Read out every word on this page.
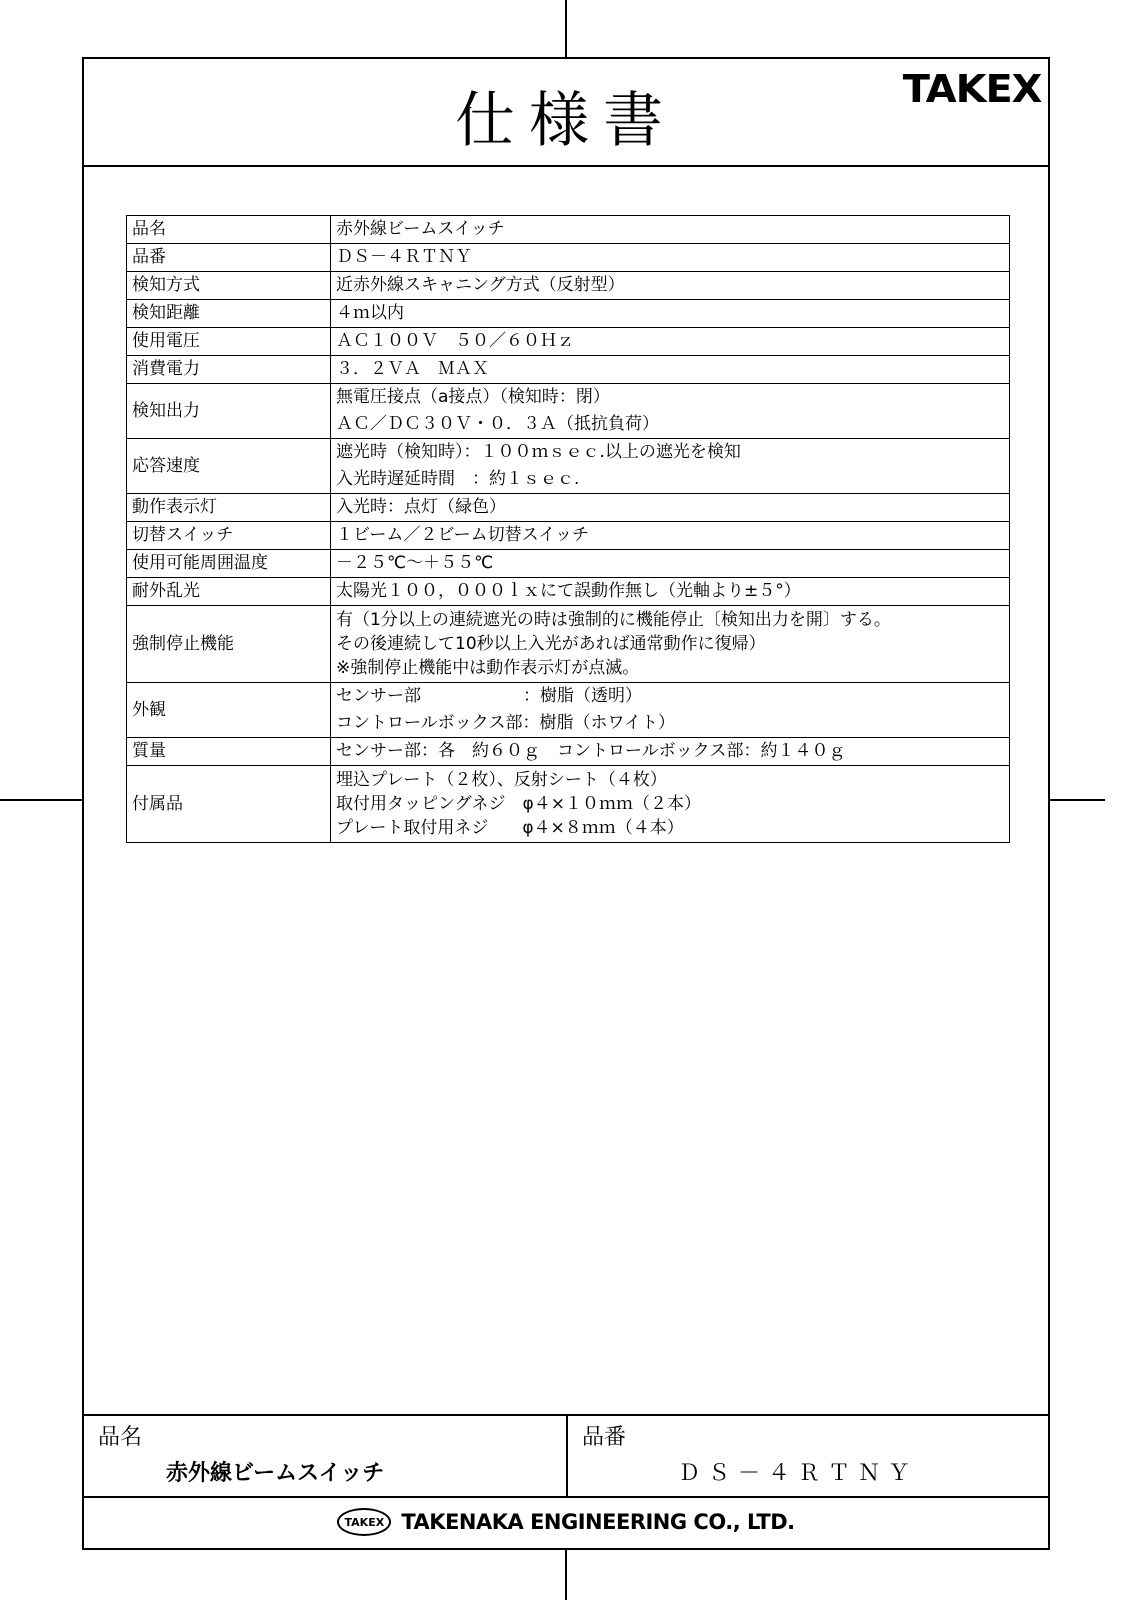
仕様書	TAKEX
品名	赤外線ビームスイッチ

品番	ＤＳ－４ＲＴＮＹ

検知方式	近赤外線スキャニング方式（反射型）

検知距離	４ｍ以内

使用電圧	ＡＣ１００Ｖ　５０／６０Ｈｚ

消費電力	３．２ＶＡ　ＭＡＸ

検知出力	無電圧接点（a接点）（検知時：閉）
ＡＣ／ＤＣ３０Ｖ・０．３Ａ（抵抗負荷）

応答速度	遮光時（検知時）：１００ｍｓｅｃ.以上の遮光を検知
入光時遅延時間　：約１ｓｅｃ.

動作表示灯	入光時：点灯（緑色）

切替スイッチ	１ビーム／２ビーム切替スイッチ

使用可能周囲温度	－２５℃～＋５５℃

耐外乱光	太陽光１００，０００ｌｘにて誤動作無し（光軸より±５°）

強制停止機能	有（1分以上の連続遮光の時は強制的に機能停止〔検知出力を開〕する。
その後連続して10秒以上入光があれば通常動作に復帰）
※強制停止機能中は動作表示灯が点滅。

外観	センサー部　　　　　　：樹脂（透明）
コントロールボックス部：樹脂（ホワイト）

質量	センサー部：各　約６０ｇ　コントロールボックス部：約１４０ｇ

付属品	埋込プレート（２枚）、反射シート（４枚）
取付用タッピングネジ　φ４×１０ｍｍ（２本）
プレート取付用ネジ　　φ４×８ｍｍ（４本）
品名
赤外線ビームスイッチ
品番
ＤＳ－４ＲＴＮＹ
TAKEX TAKENAKA ENGINEERING CO., LTD.
